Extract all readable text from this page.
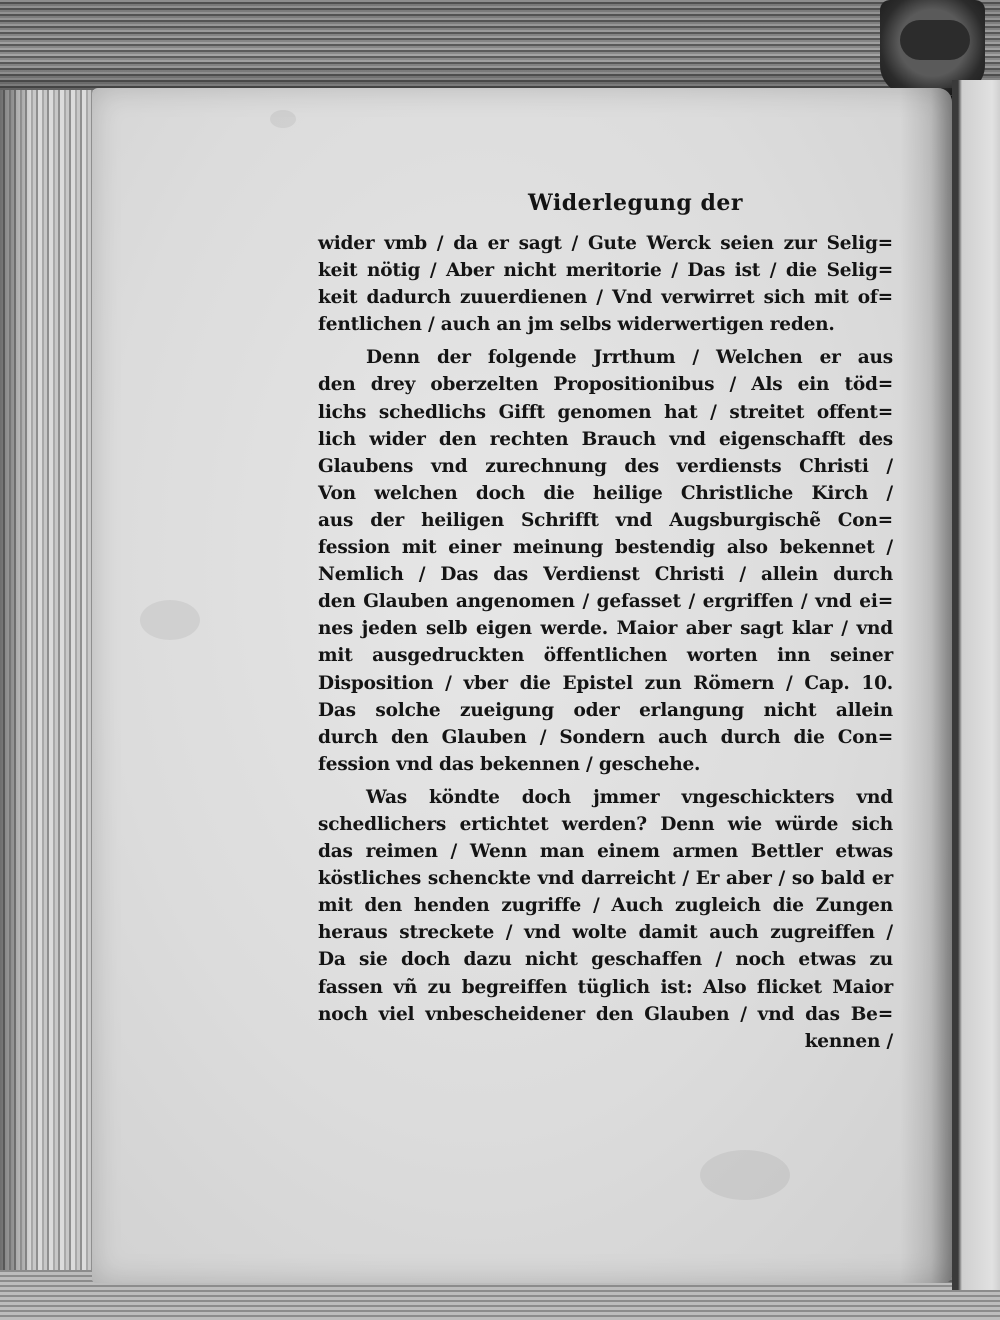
Widerlegung der
wider vmb / da er sagt / Gute Werck seien zur Selig=
keit nötig / Aber nicht meritorie / Das ist / die Selig=
keit dadurch zuuerdienen / Vnd verwirret sich mit of=
fentlichen / auch an jm selbs widerwertigen reden.
Denn der folgende Jrrthum / Welchen er aus
den drey oberzelten Propositionibus / Als ein töd=
lichs schedlichs Gifft genomen hat / streitet offent=
lich wider den rechten Brauch vnd eigenschafft des
Glaubens vnd zurechnung des verdiensts Christi /
Von welchen doch die heilige Christliche Kirch /
aus der heiligen Schrifft vnd Augsburgischẽ Con=
fession mit einer meinung bestendig also bekennet /
Nemlich / Das das Verdienst Christi / allein durch
den Glauben angenomen / gefasset / ergriffen / vnd ei=
nes jeden selb eigen werde. Maior aber sagt klar / vnd
mit ausgedruckten öffentlichen worten inn seiner
Disposition / vber die Epistel zun Römern / Cap. 10.
Das solche zueigung oder erlangung nicht allein
durch den Glauben / Sondern auch durch die Con=
fession vnd das bekennen / geschehe.
Was köndte doch jmmer vngeschickters vnd
schedlichers ertichtet werden? Denn wie würde sich
das reimen / Wenn man einem armen Bettler etwas
köstliches schenckte vnd darreicht / Er aber / so bald er
mit den henden zugriffe / Auch zugleich die Zungen
heraus streckete / vnd wolte damit auch zugreiffen /
Da sie doch dazu nicht geschaffen / noch etwas zu
fassen vñ zu begreiffen tüglich ist: Also flicket Maior
noch viel vnbescheidener den Glauben / vnd das Be=
kennen /
